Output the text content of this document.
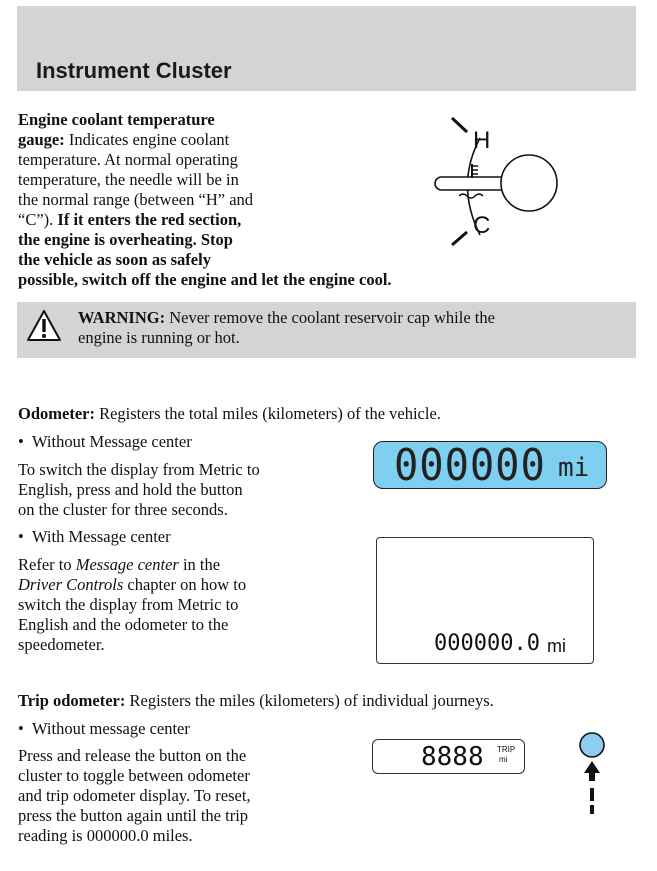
Instrument Cluster
Engine coolant temperature
gauge: Indicates engine coolant
temperature. At normal operating
temperature, the needle will be in
the normal range (between “H” and
“C”). If it enters the red section,
the engine is overheating. Stop
the vehicle as soon as safely
possible, switch off the engine and let the engine cool.
H
C
WARNING: Never remove the coolant reservoir cap while the
engine is running or hot.
Odometer: Registers the total miles (kilometers) of the vehicle.
• Without Message center
To switch the display from Metric to
English, press and hold the button
on the cluster for three seconds.
• With Message center
Refer to Message center in the
Driver Controls chapter on how to
switch the display from Metric to
English and the odometer to the
speedometer.
000000 mi
000000.0 mi
Trip odometer: Registers the miles (kilometers) of individual journeys.
• Without message center
Press and release the button on the
cluster to toggle between odometer
and trip odometer display. To reset,
press the button again until the trip
reading is 000000.0 miles.
8888 TRIP
mi
